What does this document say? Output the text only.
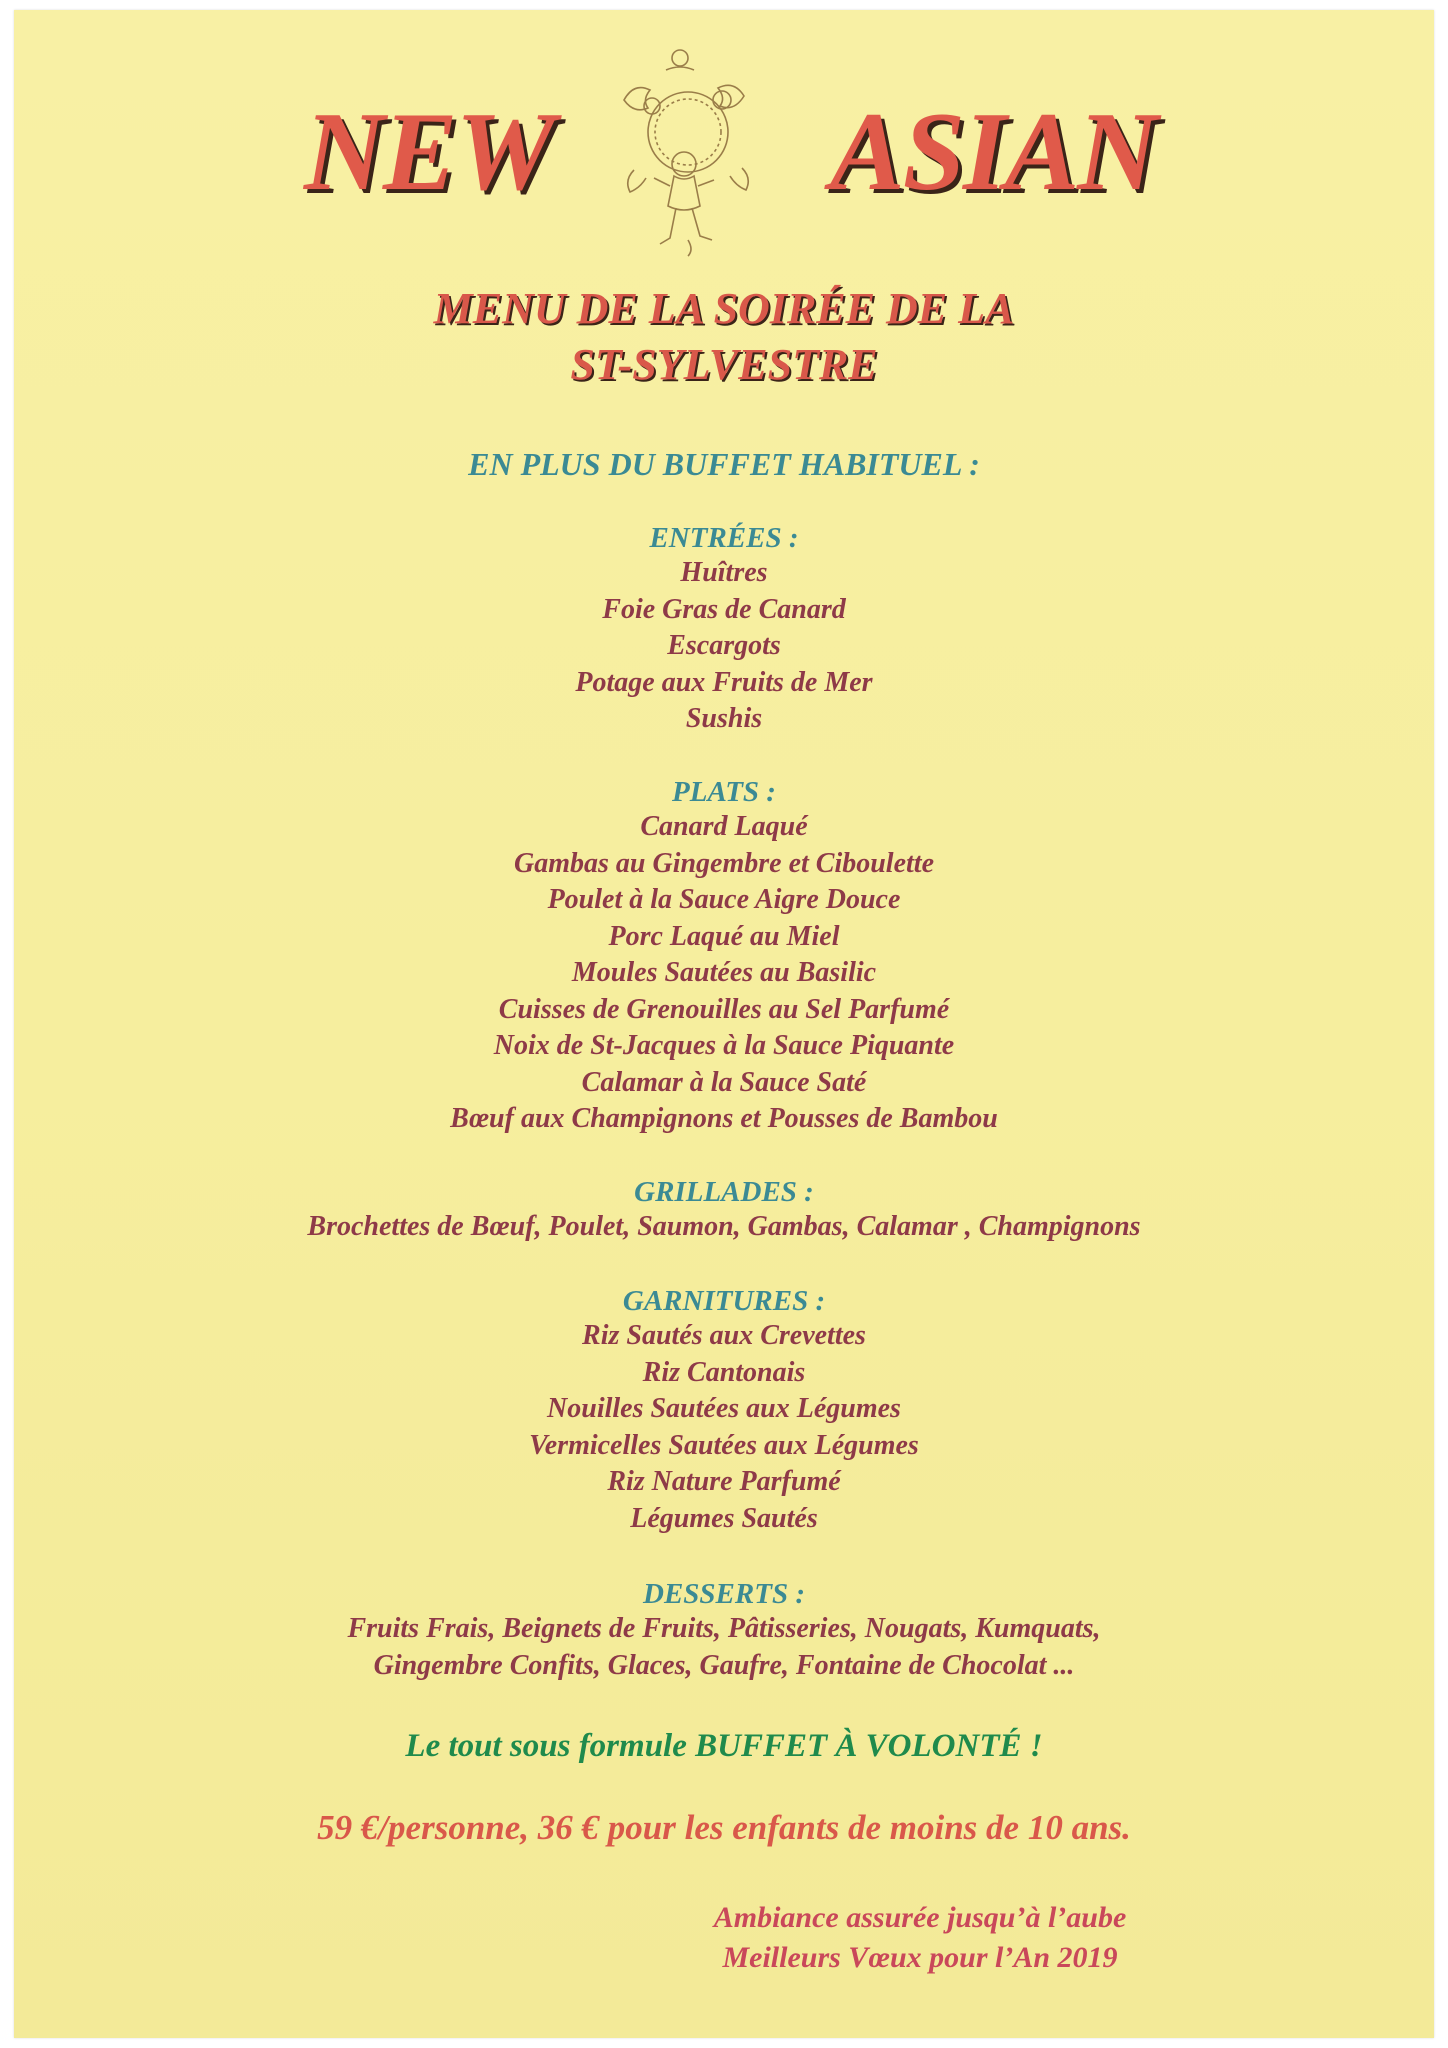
NEW ASIAN
MENU DE LA SOIRÉE DE LA
ST-SYLVESTRE
EN PLUS DU BUFFET HABITUEL :
ENTRÉES :
Huîtres
Foie Gras de Canard
Escargots
Potage aux Fruits de Mer
Sushis
PLATS :
Canard Laqué
Gambas au Gingembre et Ciboulette
Poulet à la Sauce Aigre Douce
Porc Laqué au Miel
Moules Sautées au Basilic
Cuisses de Grenouilles au Sel Parfumé
Noix de St-Jacques à la Sauce Piquante
Calamar à la Sauce Saté
Bœuf aux Champignons et Pousses de Bambou
GRILLADES :
Brochettes de Bœuf, Poulet, Saumon, Gambas, Calamar , Champignons
GARNITURES :
Riz Sautés aux Crevettes
Riz Cantonais
Nouilles Sautées aux Légumes
Vermicelles Sautées aux Légumes
Riz Nature Parfumé
Légumes Sautés
DESSERTS :
Fruits Frais, Beignets de Fruits, Pâtisseries, Nougats, Kumquats,
Gingembre Confits, Glaces, Gaufre, Fontaine de Chocolat ...
Le tout sous formule BUFFET À VOLONTÉ !
59 €/personne, 36 € pour les enfants de moins de 10 ans.
Ambiance assurée jusqu’à l’aube
Meilleurs Vœux pour l’An 2019
